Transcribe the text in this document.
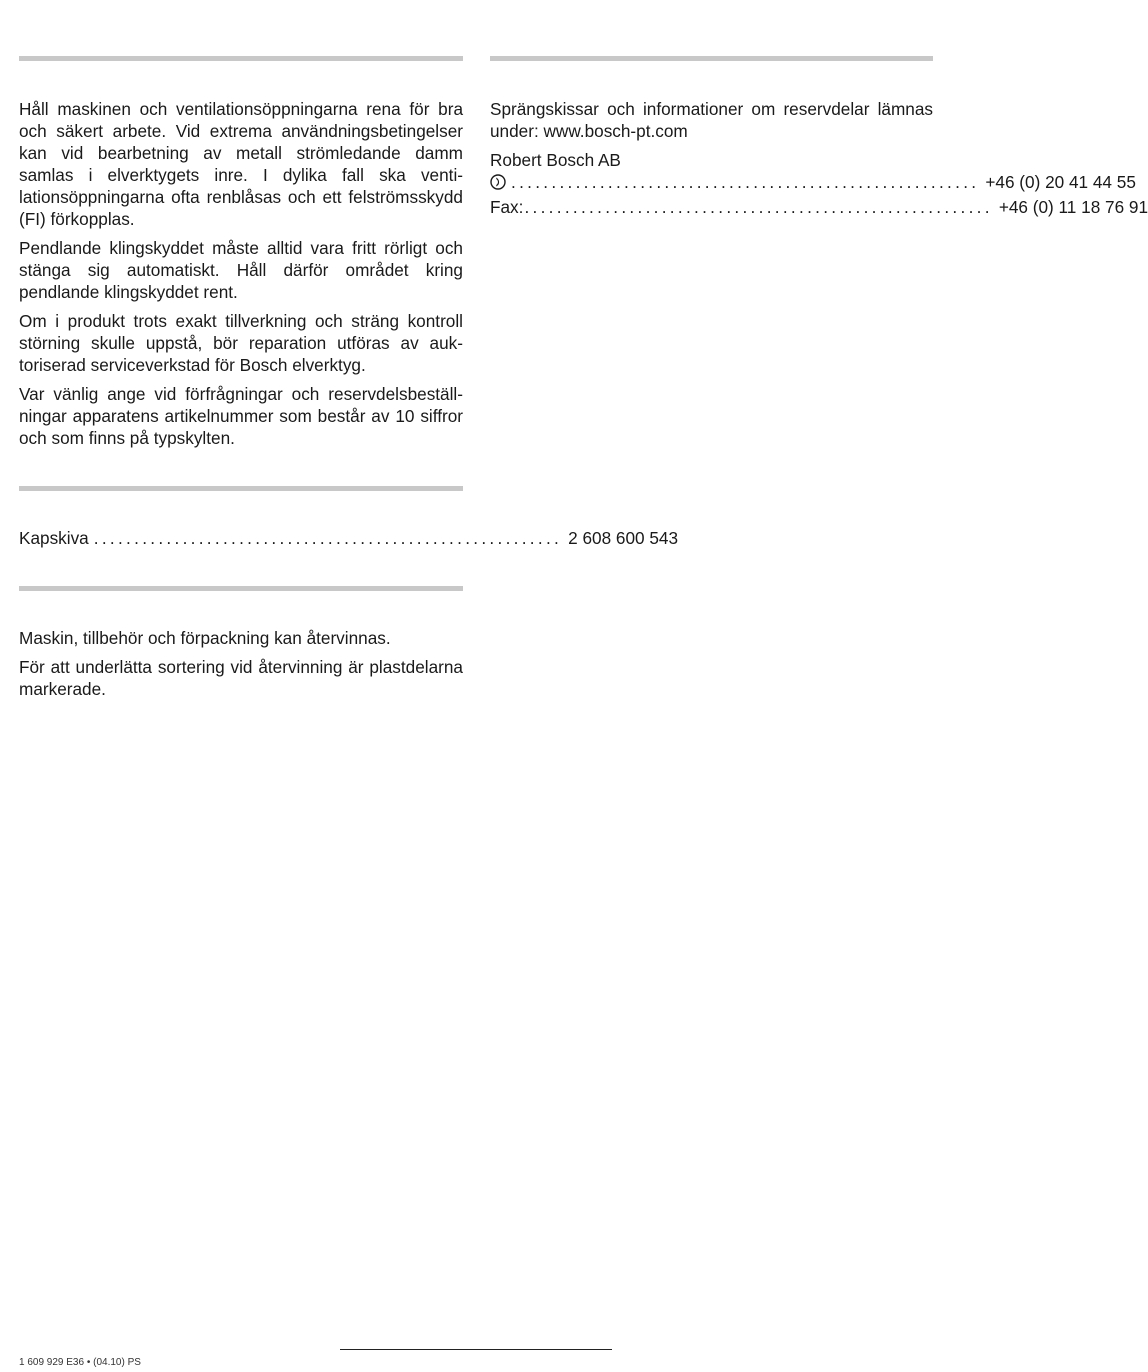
Håll maskinen och ventilationsöppningarna rena för bra och säkert arbete. Vid extrema användningsbetingelser kan vid bearbetning av metall strömledande damm samlas i elverktygets inre. I dylika fall ska ventilationsöppningarna ofta renblåsas och ett felströmsskydd (FI) förkopplas.

Pendlande klingskyddet måste alltid vara fritt rörligt och stänga sig automatiskt. Håll därför området kring pendlande klingskyddet rent.

Om i produkt trots exakt tillverkning och sträng kontroll störning skulle uppstå, bör reparation utföras av auktoriserad serviceverkstad för Bosch elverktyg.

Var vänlig ange vid förfrågningar och reservdelsbeställningar apparatens artikelnummer som består av 10 siffror och som finns på typskylten.

Kapskiva .......................................................... 2 608 600 543

Maskin, tillbehör och förpackning kan återvinnas.

För att underlätta sortering vid återvinning är plastdelarna markerade.

Sprängskissar och informationer om reservdelar lämnas under: www.bosch-pt.com

Robert Bosch AB

.......................................................... +46 (0) 20 41 44 55
Fax: .......................................................... +46 (0) 11 18 76 91
1 609 929 E36 • (04.10) PS
